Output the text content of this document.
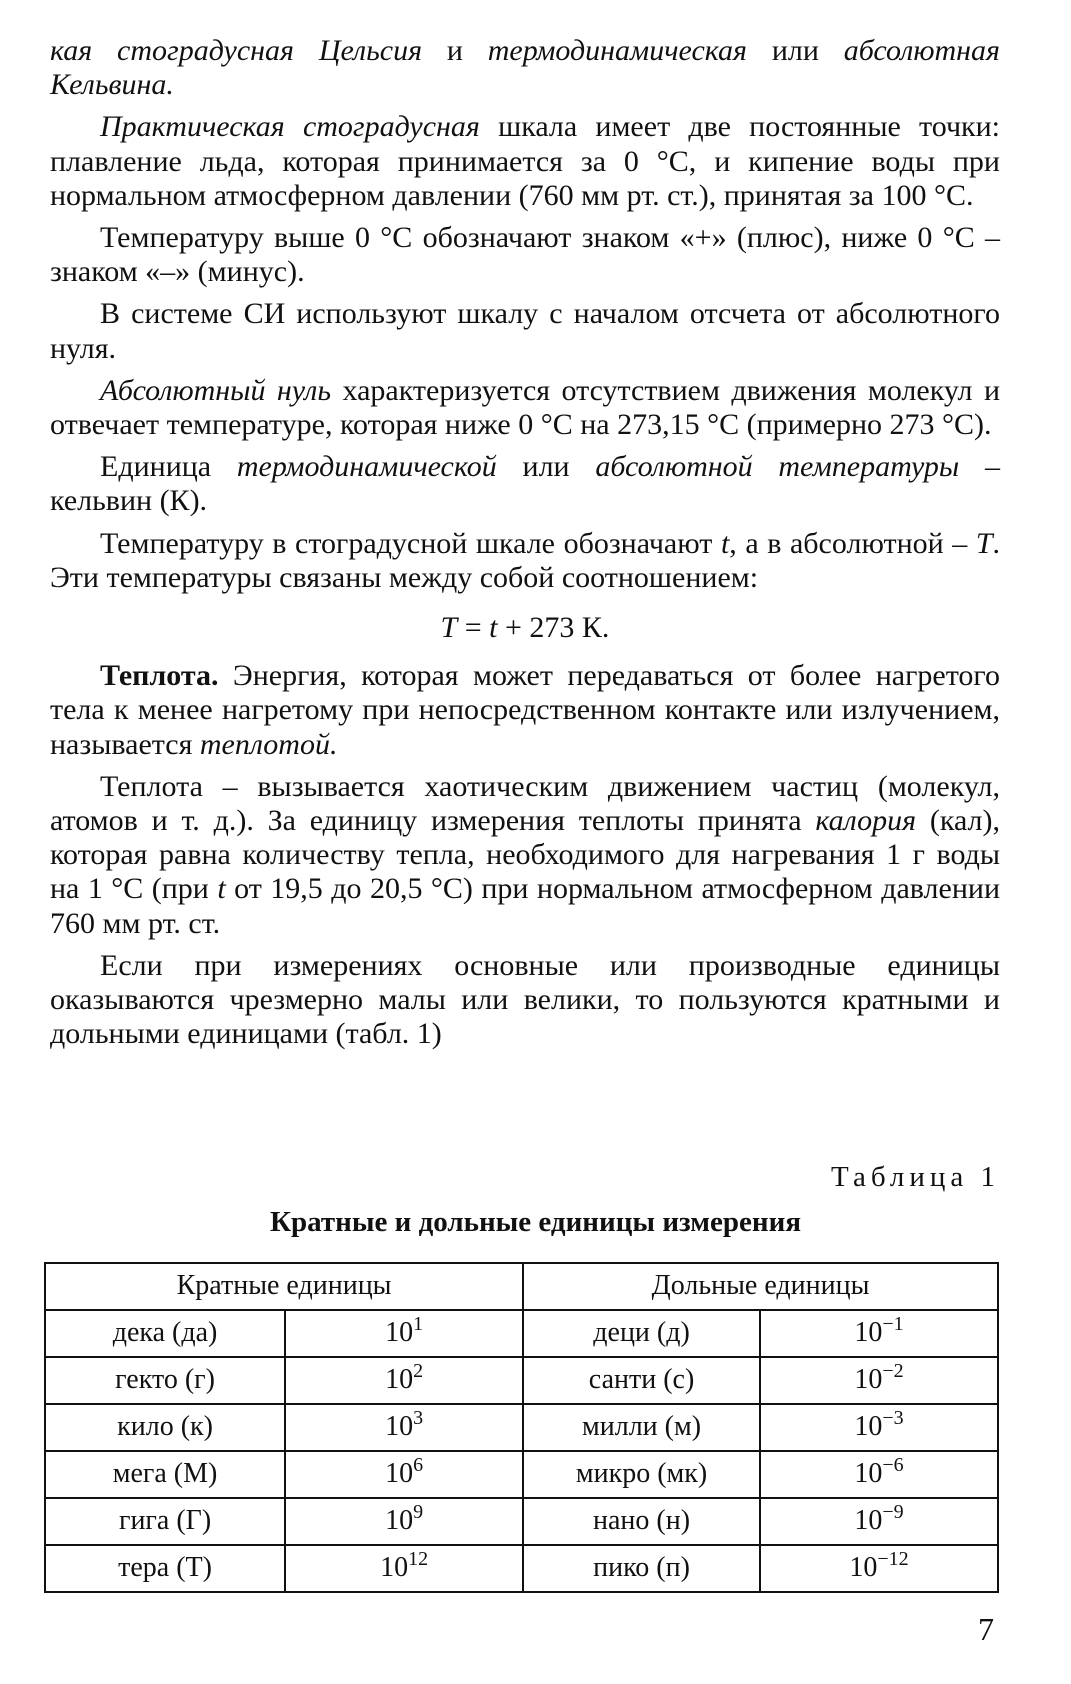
кая стоградусная Цельсия и термодинамическая или абсолютная Кельвина.

Практическая стоградусная шкала имеет две постоянные точки: плавление льда, которая принимается за 0 °C, и кипение воды при нормальном атмосферном давлении (760 мм рт. ст.), принятая за 100 °C.

Температуру выше 0 °C обозначают знаком «+» (плюс), ниже 0 °C – знаком «–» (минус).

В системе СИ используют шкалу с началом отсчета от абсолютного нуля.

Абсолютный нуль характеризуется отсутствием движения молекул и отвечает температуре, которая ниже 0 °C на 273,15 °C (примерно 273 °C).

Единица термодинамической или абсолютной температуры – кельвин (К).

Температуру в стоградусной шкале обозначают t, а в абсолютной – T. Эти температуры связаны между собой соотношением:

T = t + 273 К.

Теплота. Энергия, которая может передаваться от более нагретого тела к менее нагретому при непосредственном контакте или излучением, называется теплотой.

Теплота – вызывается хаотическим движением частиц (молекул, атомов и т. д.). За единицу измерения теплоты принята калория (кал), которая равна количеству тепла, необходимого для нагревания 1 г воды на 1 °C (при t от 19,5 до 20,5 °C) при нормальном атмосферном давлении 760 мм рт. ст.

Если при измерениях основные или производные единицы оказываются чрезмерно малы или велики, то пользуются кратными и дольными единицами (табл. 1)

Таблица 1
Кратные и дольные единицы измерения
Кратные единицы		Дольные единицы	
дека (да)	$10^1$	деци (д)	$10^{-1}$
гекто (г)	$10^2$	санти (с)	$10^{-2}$
кило (к)	$10^3$	милли (м)	$10^{-3}$
мега (М)	$10^6$	микро (мк)	$10^{-6}$
гига (Г)	$10^9$	нано (н)	$10^{-9}$
тера (Т)	$10^{12}$	пико (п)	$10^{-12}$
7
